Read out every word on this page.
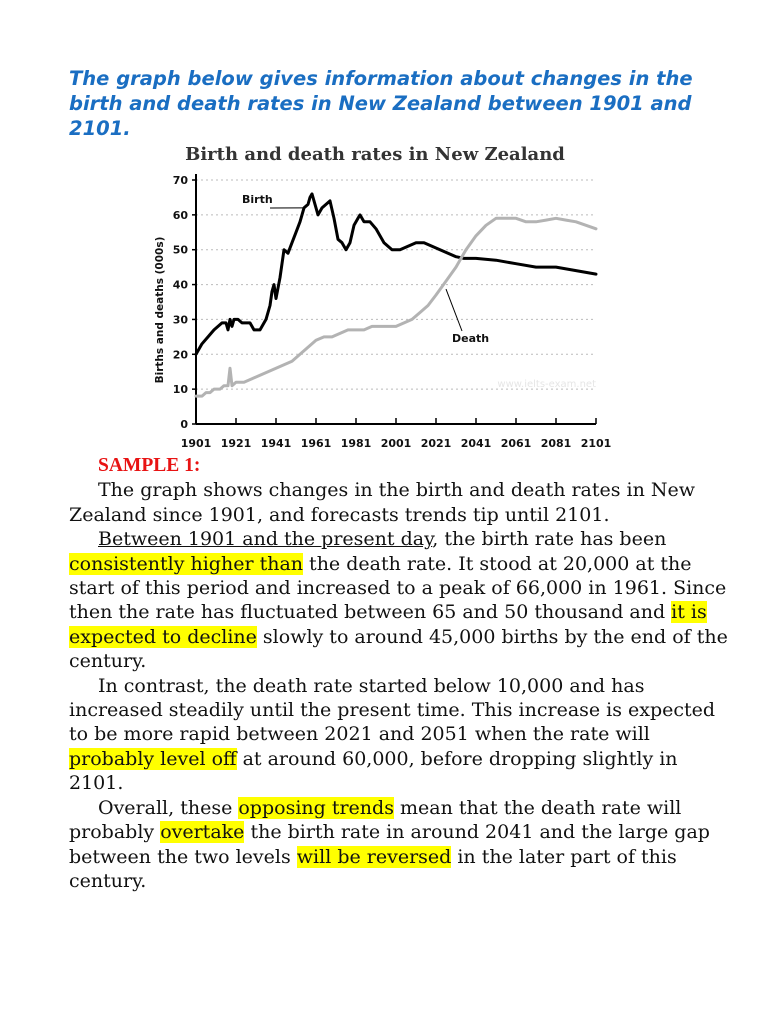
The graph below gives information about changes in the birth and death rates in New Zealand between 1901 and 2101.
Birth and death rates in New Zealand
0
10
20
30
40
50
60
70
1901 1921 1941 1961 1981 2001 2021 2041 2061 2081 2101
Births and deaths (000s)
www.ielts-exam.net
Birth
Death
SAMPLE 1:

The graph shows changes in the birth and death rates in New Zealand since 1901, and forecasts trends tip until 2101.

Between 1901 and the present day, the birth rate has been consistently higher than the death rate. It stood at 20,000 at the start of this period and increased to a peak of 66,000 in 1961. Since then the rate has fluctuated between 65 and 50 thousand and it is expected to decline slowly to around 45,000 births by the end of the century.

In contrast, the death rate started below 10,000 and has increased steadily until the present time. This increase is expected to be more rapid between 2021 and 2051 when the rate will probably level off at around 60,000, before dropping slightly in 2101.

Overall, these opposing trends mean that the death rate will probably overtake the birth rate in around 2041 and the large gap between the two levels will be reversed in the later part of this century.
